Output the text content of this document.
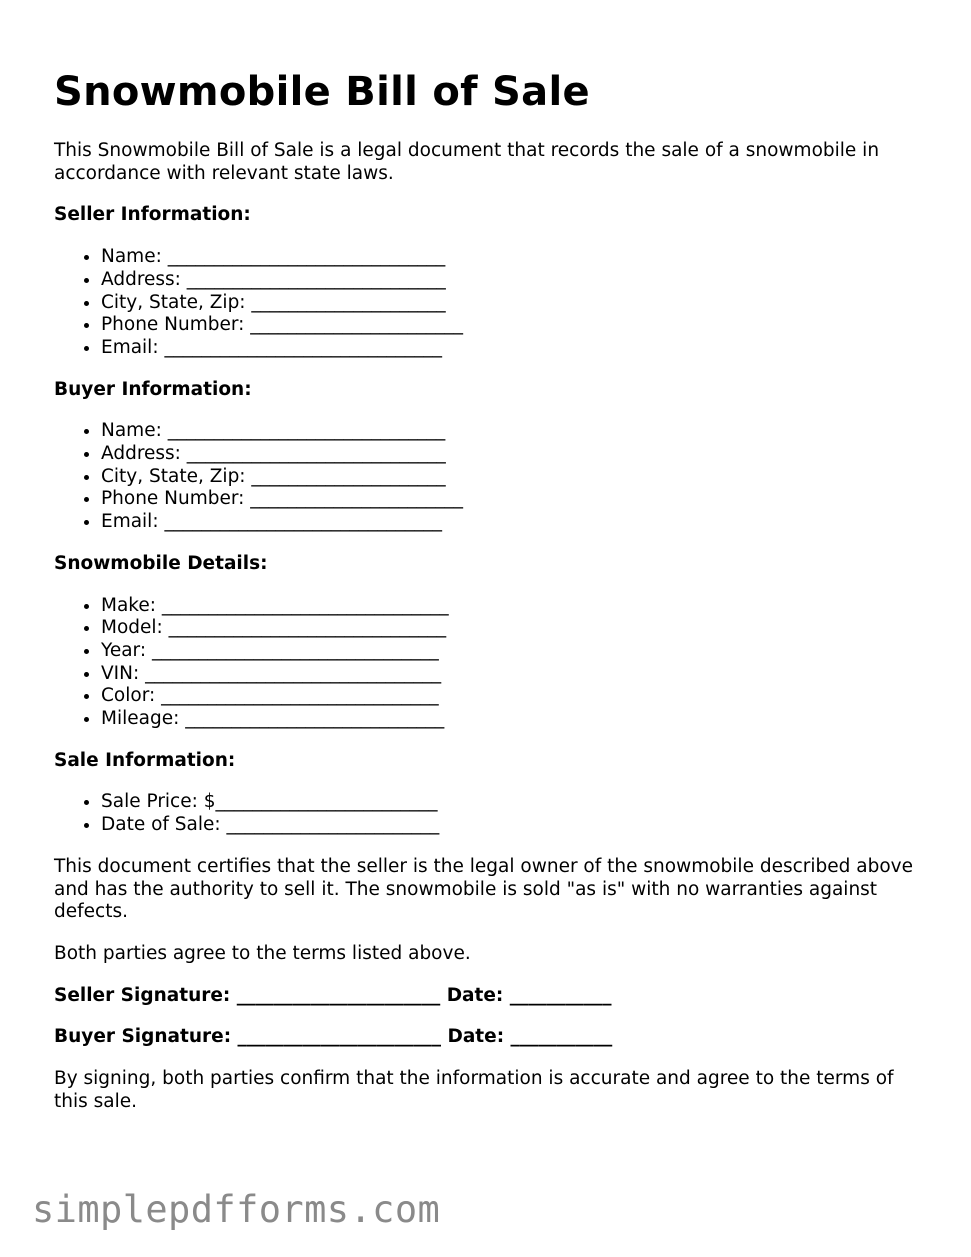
Snowmobile Bill of Sale

This Snowmobile Bill of Sale is a legal document that records the sale of a snowmobile in accordance with relevant state laws.

Seller Information:

• Name: ______________________________
• Address: ____________________________
• City, State, Zip: _____________________
• Phone Number: _______________________
• Email: ______________________________

Buyer Information:

• Name: ______________________________
• Address: ____________________________
• City, State, Zip: _____________________
• Phone Number: _______________________
• Email: ______________________________

Snowmobile Details:

• Make: _______________________________
• Model: ______________________________
• Year: _______________________________
• VIN: ________________________________
• Color: ______________________________
• Mileage: ____________________________

Sale Information:

• Sale Price: $________________________
• Date of Sale: _______________________

This document certifies that the seller is the legal owner of the snowmobile described above and has the authority to sell it. The snowmobile is sold "as is" with no warranties against defects.

Both parties agree to the terms listed above.

Seller Signature: ______________________ Date: ___________

Buyer Signature: ______________________ Date: ___________

By signing, both parties confirm that the information is accurate and agree to the terms of this sale.

simplepdfforms.com
